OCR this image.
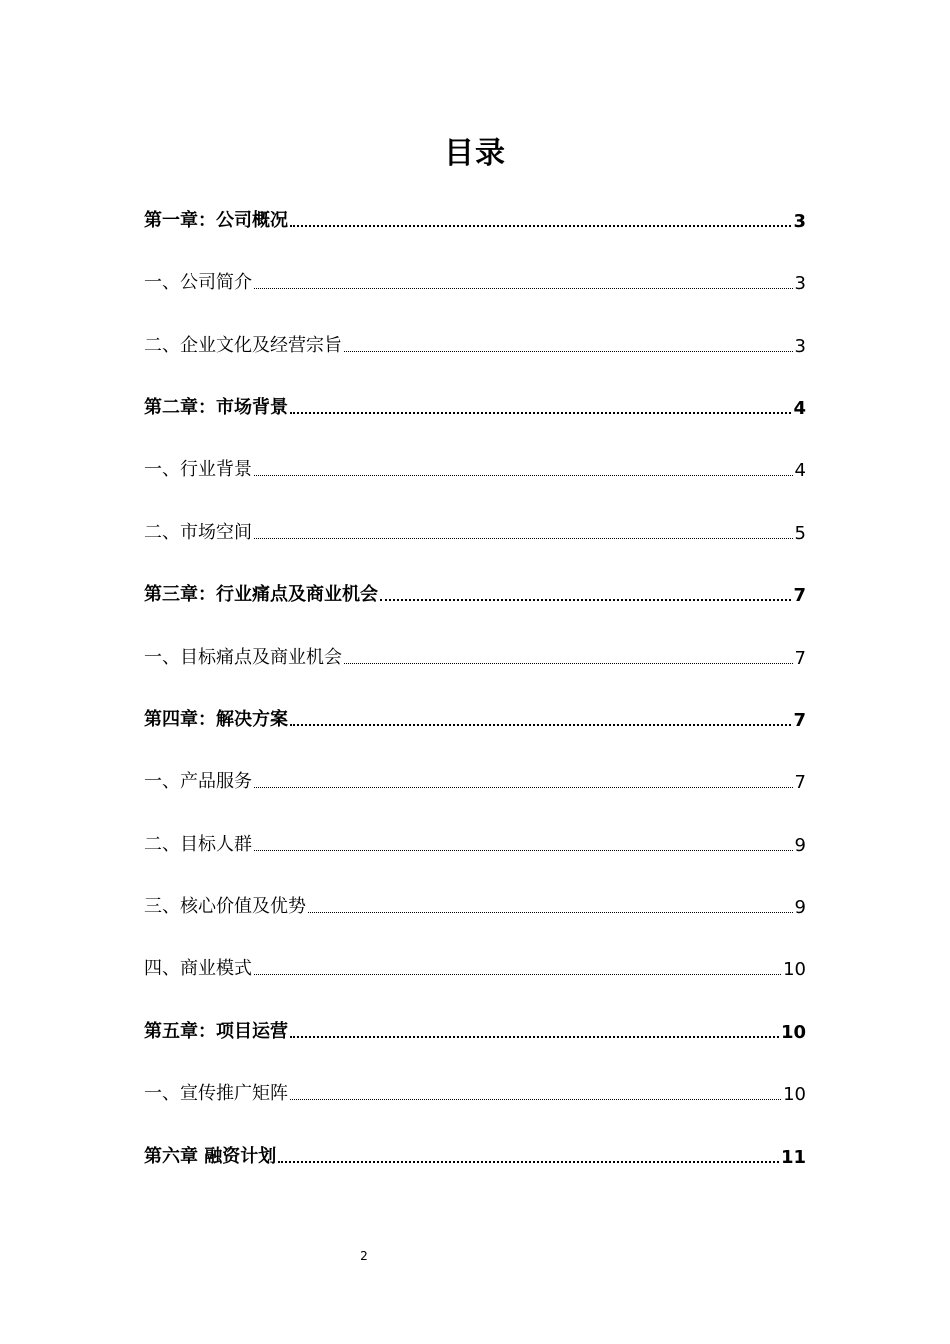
目录
第一章：公司概况	3
一、公司简介	3
二、企业文化及经营宗旨	3
第二章：市场背景	4
一、行业背景	4
二、市场空间	5
第三章：行业痛点及商业机会	7
一、目标痛点及商业机会	7
第四章：解决方案	7
一、产品服务	7
二、目标人群	9
三、核心价值及优势	9
四、商业模式	10
第五章：项目运营	10
一、宣传推广矩阵	10
第六章 融资计划	11
2
